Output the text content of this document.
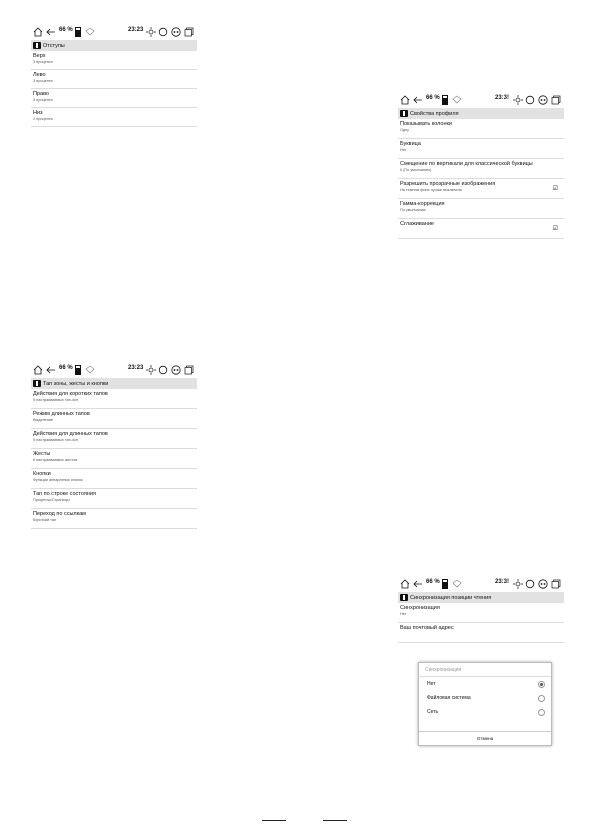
66 %	23:23
Отступы
Верх
3 процента
Лево
3 процента
Право
3 процента
Низ
2 процента
66 %	23:3!
Свойства профиля
Показывать колонки
Одну
Буквица
Нет
Смещение по вертикали для классической буквицы
0 (По умолчанию)
Разрешить прозрачные изображения
На темном фоне лучше выключить	☑
Гамма-коррекция
По умолчанию
Сглаживание
☑
66 %	23:23
Тап зоны, жесты и кнопки
Действия для коротких тапов
9 настраиваемых тап-зон
Режим длинных тапов
Выделение
Действия для длинных тапов
9 настраиваемых тап-зон
Жесты
6 настраиваемых жестов
Кнопки
Функции аппаратных кнопок
Тап по строке состояния
Проценты/Страницы
Переход по ссылкам
Короткий тап
66 %	23:3!
Синхронизация позиции чтения
Синхронизация
Нет
Ваш почтовый адрес
Синхронизация
Нет
Файловая система
Сеть
Отмена
